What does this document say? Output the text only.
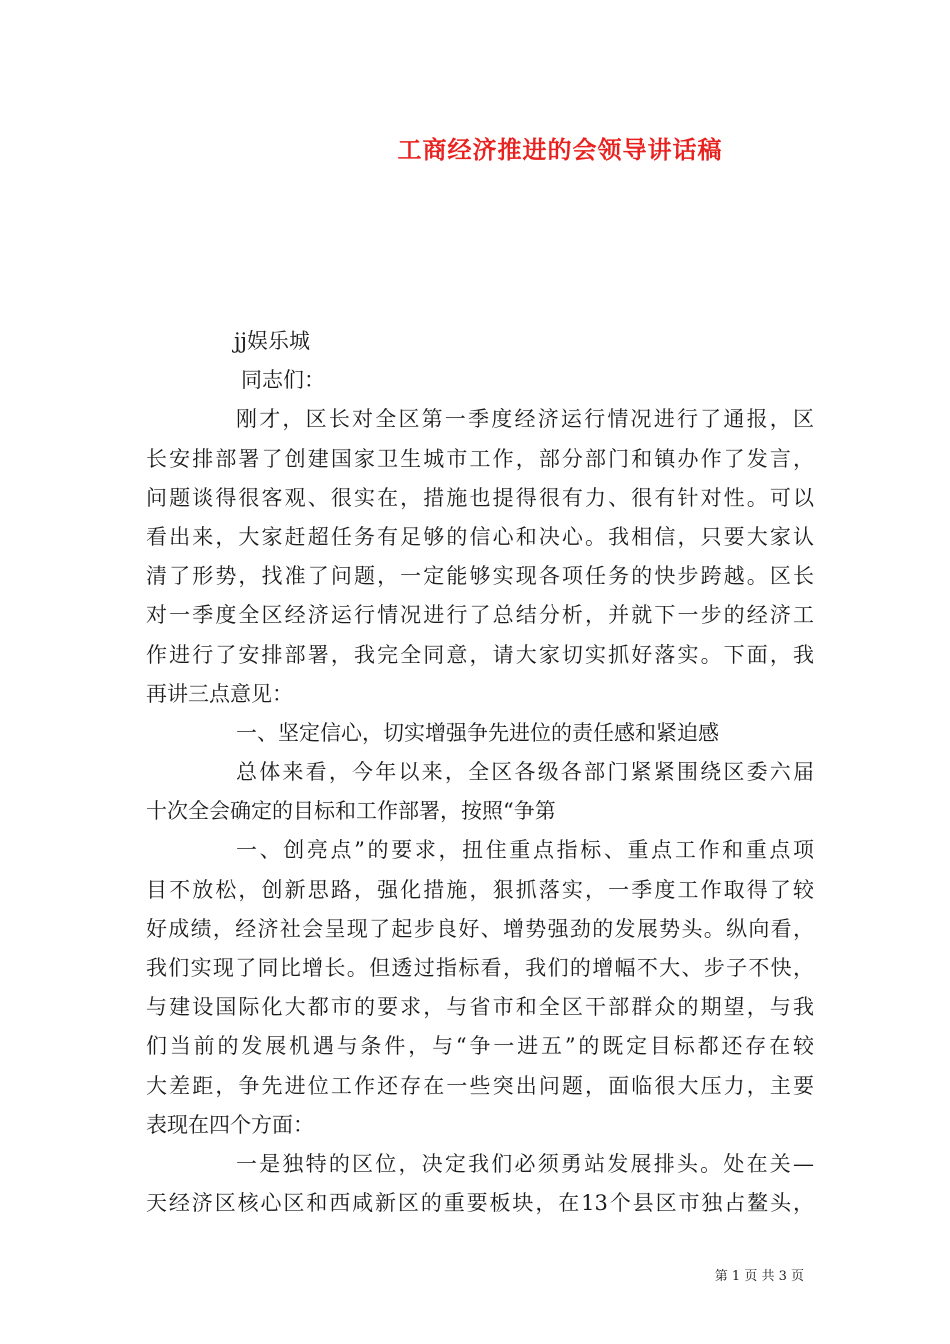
工商经济推进的会领导讲话稿
jj娱乐城
同志们：
刚才，区长对全区第一季度经济运行情况进行了通报，区
长安排部署了创建国家卫生城市工作，部分部门和镇办作了发言，
问题谈得很客观、很实在，措施也提得很有力、很有针对性。可以
看出来，大家赶超任务有足够的信心和决心。我相信，只要大家认
清了形势，找准了问题，一定能够实现各项任务的快步跨越。区长
对一季度全区经济运行情况进行了总结分析，并就下一步的经济工
作进行了安排部署，我完全同意，请大家切实抓好落实。下面，我
再讲三点意见：
一、坚定信心，切实增强争先进位的责任感和紧迫感
总体来看，今年以来，全区各级各部门紧紧围绕区委六届
十次全会确定的目标和工作部署，按照“争第
一、创亮点”的要求，扭住重点指标、重点工作和重点项
目不放松，创新思路，强化措施，狠抓落实，一季度工作取得了较
好成绩，经济社会呈现了起步良好、增势强劲的发展势头。纵向看，
我们实现了同比增长。但透过指标看，我们的增幅不大、步子不快，
与建设国际化大都市的要求，与省市和全区干部群众的期望，与我
们当前的发展机遇与条件，与“争一进五”的既定目标都还存在较
大差距，争先进位工作还存在一些突出问题，面临很大压力，主要
表现在四个方面：
一是独特的区位，决定我们必须勇站发展排头。处在关—
天经济区核心区和西咸新区的重要板块，在13个县区市独占鳌头，
第 1 页 共 3 页
